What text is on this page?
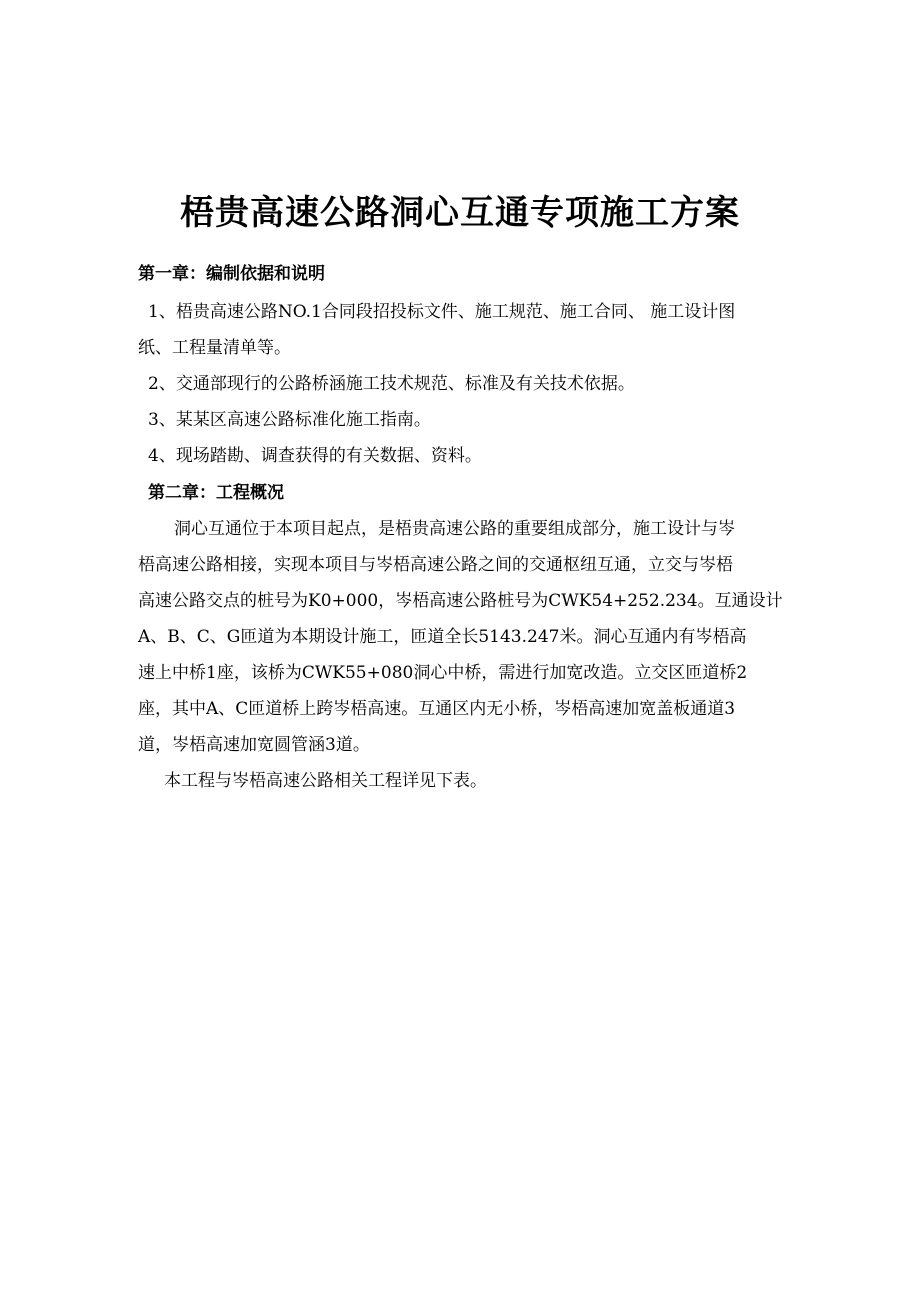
梧贵高速公路洞心互通专项施工方案
第一章：编制依据和说明
1、梧贵高速公路NO.1合同段招投标文件、施工规范、施工合同、 施工设计图
纸、工程量清单等。
2、交通部现行的公路桥涵施工技术规范、标准及有关技术依据。
3、某某区高速公路标准化施工指南。
4、现场踏勘、调查获得的有关数据、资料。
第二章：工程概况
洞心互通位于本项目起点，是梧贵高速公路的重要组成部分，施工设计与岑
梧高速公路相接，实现本项目与岑梧高速公路之间的交通枢纽互通，立交与岑梧
高速公路交点的桩号为K0+000，岑梧高速公路桩号为CWK54+252.234。互通设计
A、B、C、G匝道为本期设计施工，匝道全长5143.247米。洞心互通内有岑梧高
速上中桥1座，该桥为CWK55+080洞心中桥，需进行加宽改造。立交区匝道桥2
座，其中A、C匝道桥上跨岑梧高速。互通区内无小桥，岑梧高速加宽盖板通道3
道，岑梧高速加宽圆管涵3道。
本工程与岑梧高速公路相关工程详见下表。
